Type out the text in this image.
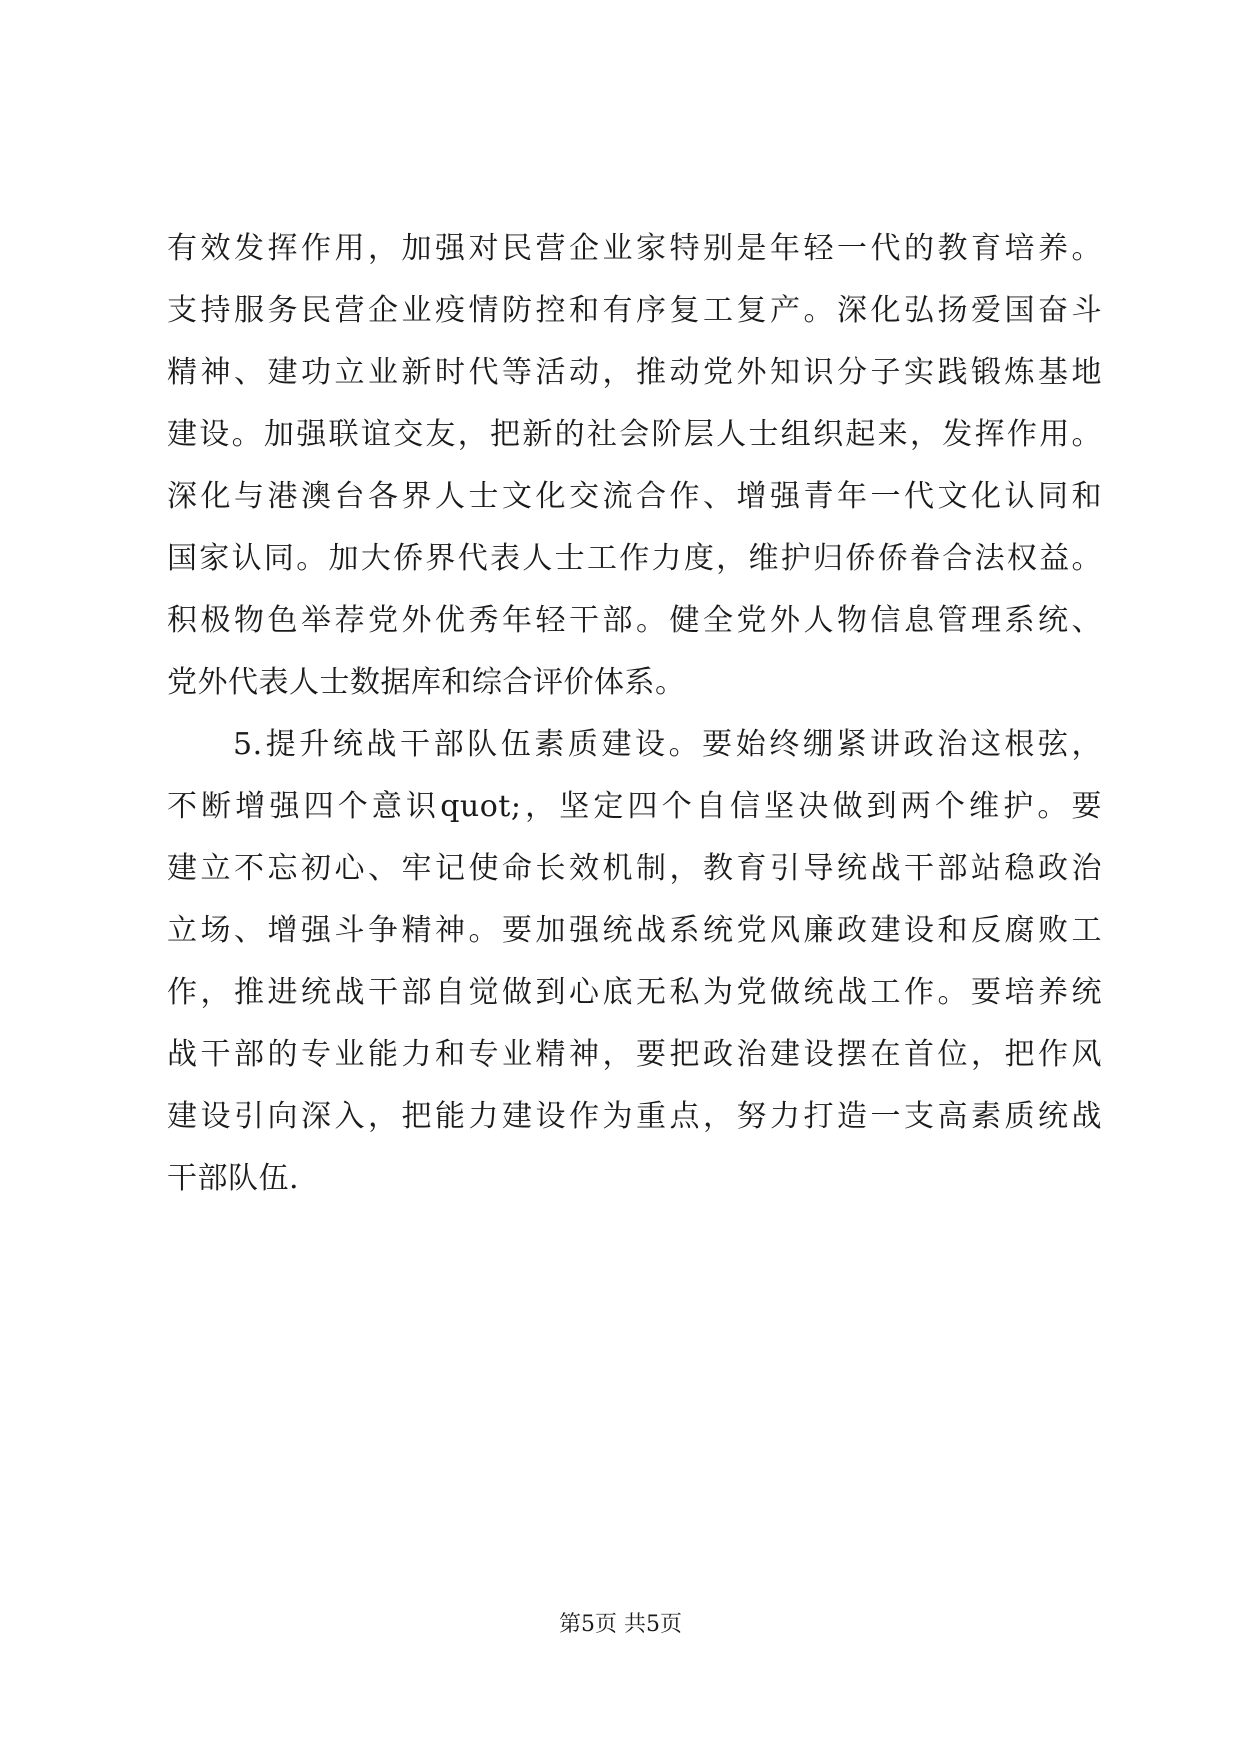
有效发挥作用，加强对民营企业家特别是年轻一代的教育培养。
支持服务民营企业疫情防控和有序复工复产。深化弘扬爱国奋斗
精神、建功立业新时代等活动，推动党外知识分子实践锻炼基地
建设。加强联谊交友，把新的社会阶层人士组织起来，发挥作用。
深化与港澳台各界人士文化交流合作、增强青年一代文化认同和
国家认同。加大侨界代表人士工作力度，维护归侨侨眷合法权益。
积极物色举荐党外优秀年轻干部。健全党外人物信息管理系统、
党外代表人士数据库和综合评价体系。
5.提升统战干部队伍素质建设。要始终绷紧讲政治这根弦，
不断增强四个意识quot;，坚定四个自信坚决做到两个维护。要
建立不忘初心、牢记使命长效机制，教育引导统战干部站稳政治
立场、增强斗争精神。要加强统战系统党风廉政建设和反腐败工
作，推进统战干部自觉做到心底无私为党做统战工作。要培养统
战干部的专业能力和专业精神，要把政治建设摆在首位，把作风
建设引向深入，把能力建设作为重点，努力打造一支高素质统战
干部队伍.
第5页 共5页
